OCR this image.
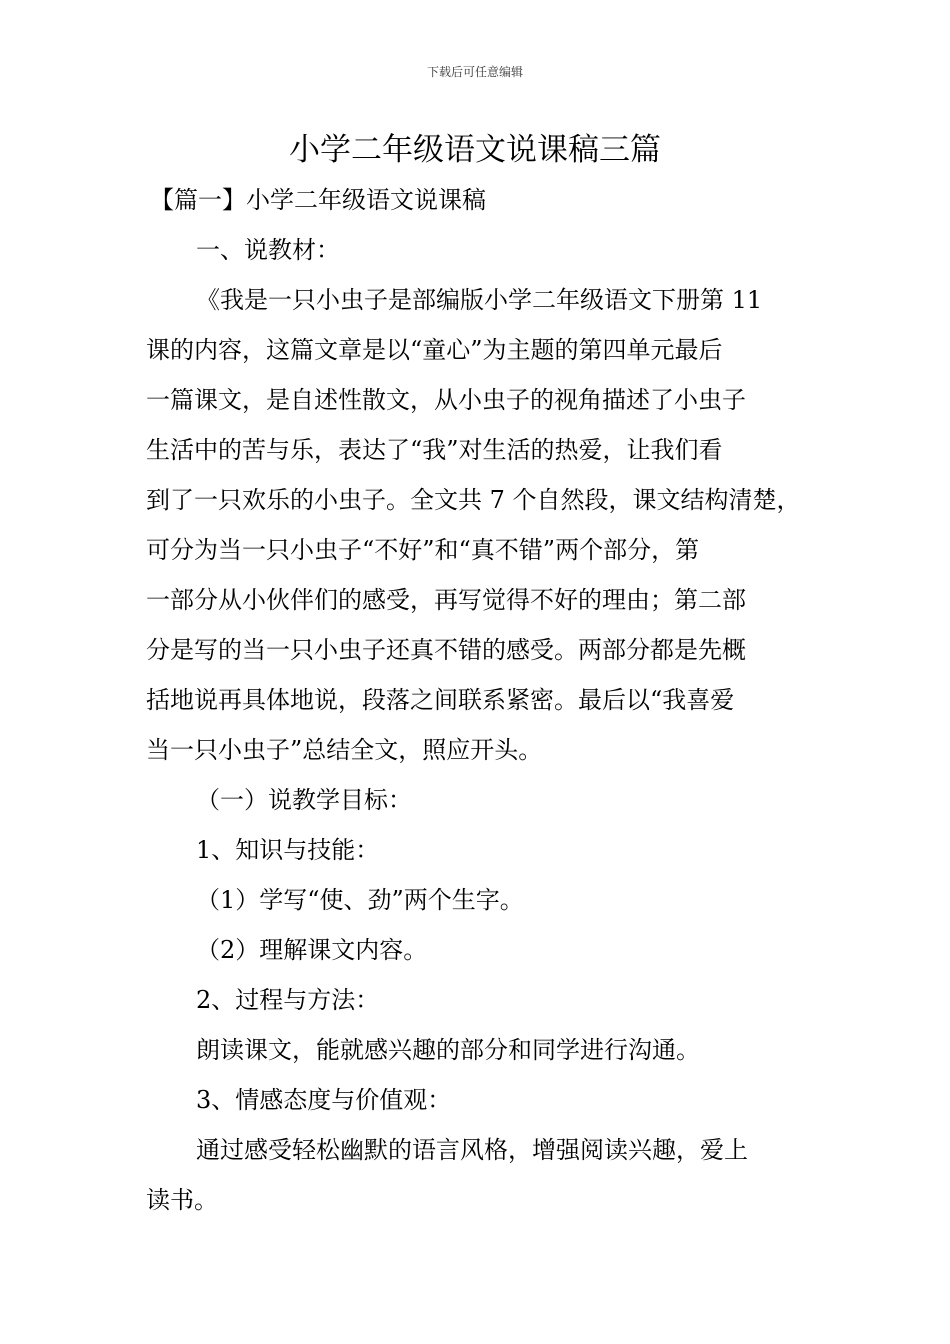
下载后可任意编辑
小学二年级语文说课稿三篇
【篇一】小学二年级语文说课稿
一、说教材：
《我是一只小虫子是部编版小学二年级语文下册第 11
课的内容，这篇文章是以“童心”为主题的第四单元最后
一篇课文，是自述性散文，从小虫子的视角描述了小虫子
生活中的苦与乐，表达了“我”对生活的热爱，让我们看
到了一只欢乐的小虫子。全文共 7 个自然段，课文结构清楚，
可分为当一只小虫子“不好”和“真不错”两个部分，第
一部分从小伙伴们的感受，再写觉得不好的理由；第二部
分是写的当一只小虫子还真不错的感受。两部分都是先概
括地说再具体地说，段落之间联系紧密。最后以“我喜爱
当一只小虫子”总结全文，照应开头。
（一）说教学目标：
1、知识与技能：
（1）学写“使、劲”两个生字。
（2）理解课文内容。
2、过程与方法：
朗读课文，能就感兴趣的部分和同学进行沟通。
3、情感态度与价值观：
通过感受轻松幽默的语言风格，增强阅读兴趣，爱上
读书。
